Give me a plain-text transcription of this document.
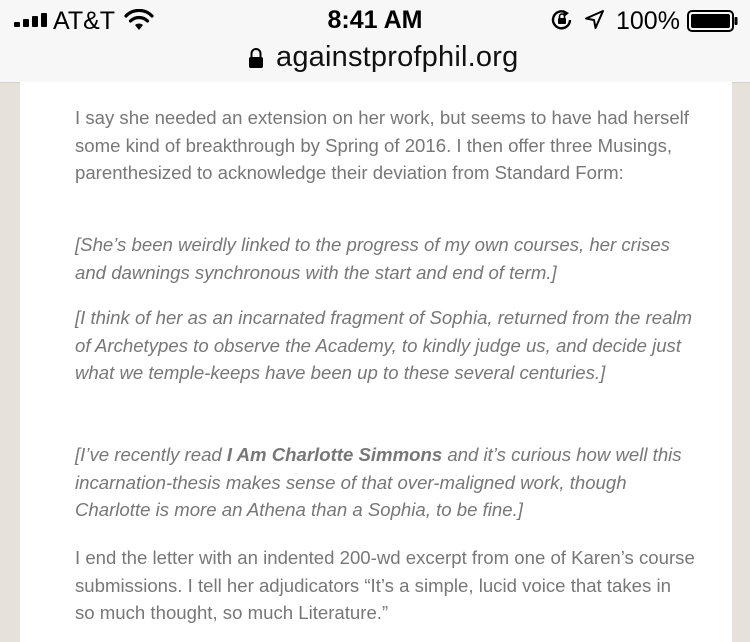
AT&T	8:41 AM	100%
againstprofphil.org

I say she needed an extension on her work, but seems to have had herself some kind of breakthrough by Spring of 2016. I then offer three Musings, parenthesized to acknowledge their deviation from Standard Form:

[She’s been weirdly linked to the progress of my own courses, her crises and dawnings synchronous with the start and end of term.]

[I think of her as an incarnated fragment of Sophia, returned from the realm of Archetypes to observe the Academy, to kindly judge us, and decide just what we temple-keeps have been up to these several centuries.]

[I’ve recently read I Am Charlotte Simmons and it’s curious how well this incarnation-thesis makes sense of that over-maligned work, though Charlotte is more an Athena than a Sophia, to be fine.]

I end the letter with an indented 200-wd excerpt from one of Karen’s course submissions. I tell her adjudicators “It’s a simple, lucid voice that takes in so much thought, so much Literature.”
